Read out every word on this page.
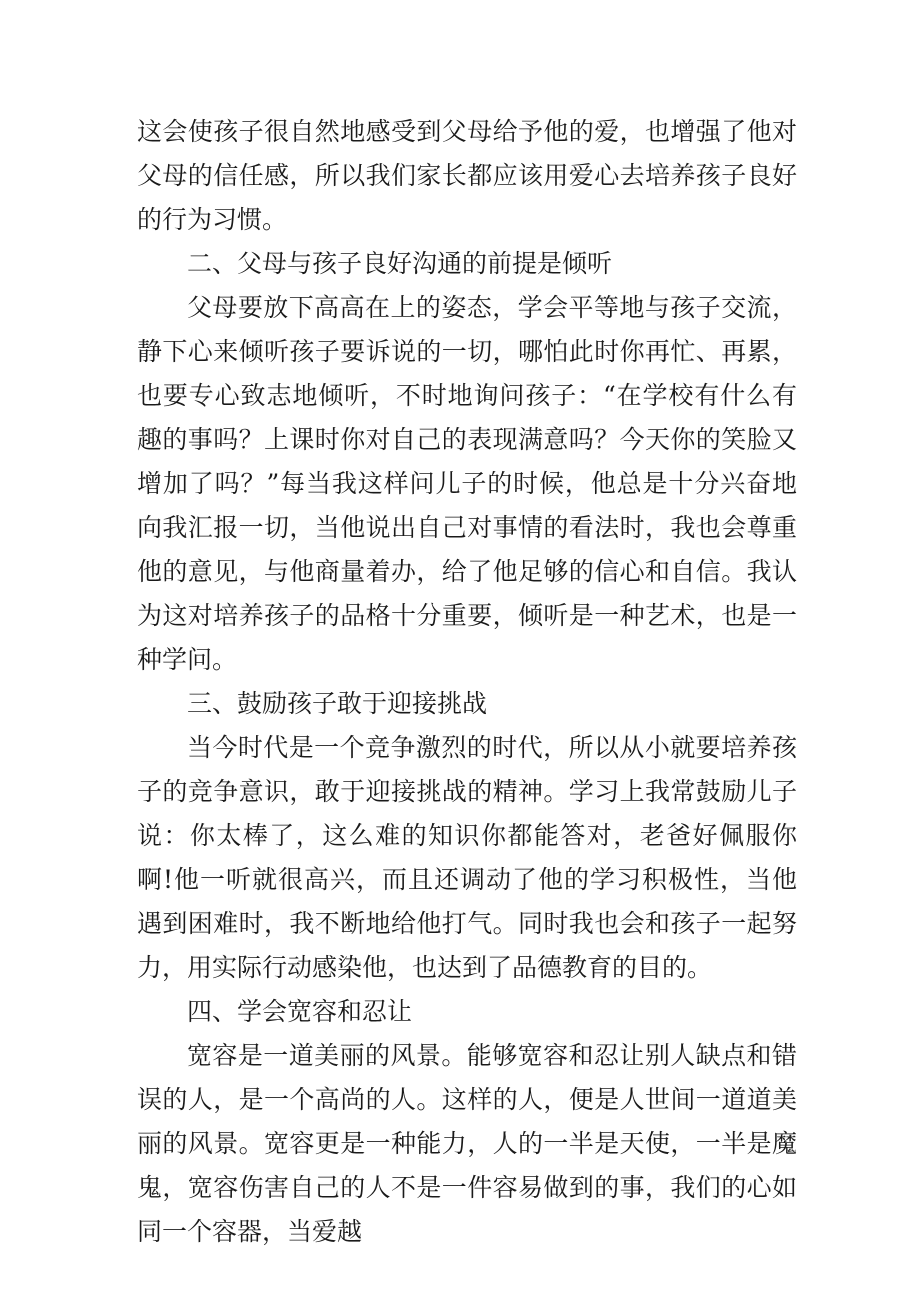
这会使孩子很自然地感受到父母给予他的爱，也增强了他对父母的信任感，所以我们家长都应该用爱心去培养孩子良好的行为习惯。

二、父母与孩子良好沟通的前提是倾听

父母要放下高高在上的姿态，学会平等地与孩子交流，静下心来倾听孩子要诉说的一切，哪怕此时你再忙、再累，也要专心致志地倾听，不时地询问孩子：“在学校有什么有趣的事吗？上课时你对自己的表现满意吗？今天你的笑脸又增加了吗？”每当我这样问儿子的时候，他总是十分兴奋地向我汇报一切，当他说出自己对事情的看法时，我也会尊重他的意见，与他商量着办，给了他足够的信心和自信。我认为这对培养孩子的品格十分重要，倾听是一种艺术，也是一种学问。

三、鼓励孩子敢于迎接挑战

当今时代是一个竞争激烈的时代，所以从小就要培养孩子的竞争意识，敢于迎接挑战的精神。学习上我常鼓励儿子说：你太棒了，这么难的知识你都能答对，老爸好佩服你啊!他一听就很高兴，而且还调动了他的学习积极性，当他遇到困难时，我不断地给他打气。同时我也会和孩子一起努力，用实际行动感染他，也达到了品德教育的目的。

四、学会宽容和忍让

宽容是一道美丽的风景。能够宽容和忍让别人缺点和错误的人，是一个高尚的人。这样的人，便是人世间一道道美丽的风景。宽容更是一种能力，人的一半是天使，一半是魔鬼，宽容伤害自己的人不是一件容易做到的事，我们的心如同一个容器，当爱越
